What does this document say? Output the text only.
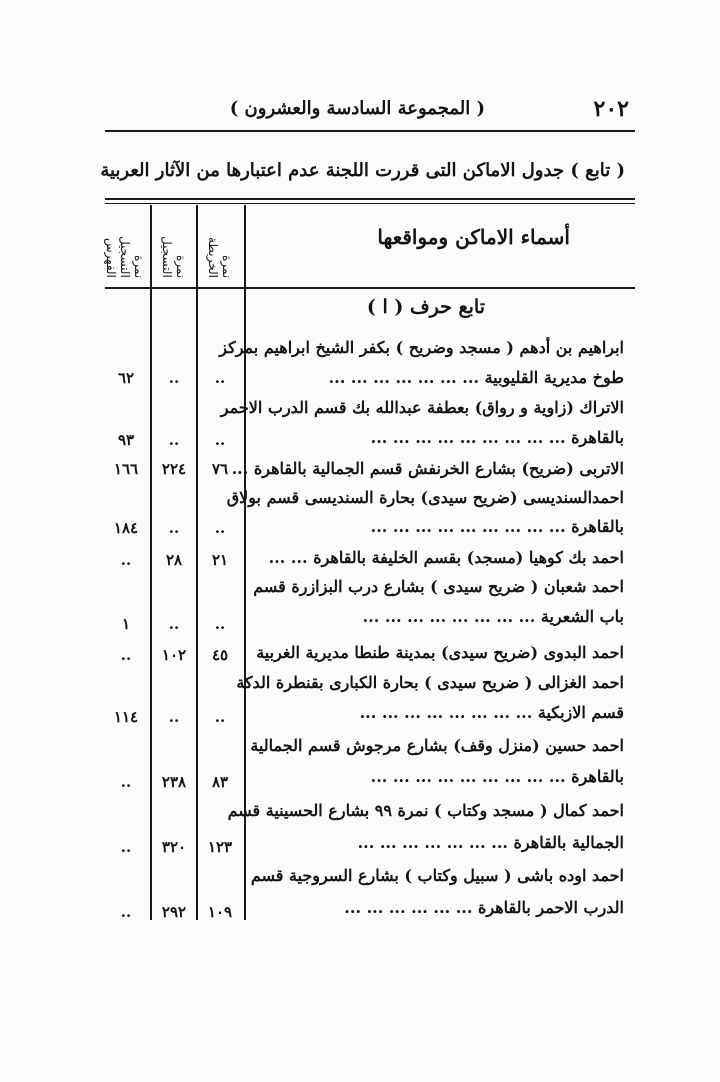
٢٠٢
( المجموعة السادسة والعشرون )
( تابع ) جدول الاماكن التى قررت اللجنة عدم اعتبارها من الآثار العربية
أسماء الاماكن ومواقعها
نمرة التسجيل الفهرس	نمرة التسجيل	نمرة الخريطة
تابع حرف ( ا )
ابراهيم بن أدهم ( مسجد وضريح ) بكفر الشيخ ابراهيم بمركز
طوخ مديرية القليوبية ... ... ... ... ... ... ...
..
..
٦٢
الاتراك (زاوية و رواق) بعطفة عبدالله بك قسم الدرب الاحمر
بالقاهرة ... ... ... ... ... ... ... ... ...
..
..
٩٣
الاتربى (ضريح) بشارع الخرنفش قسم الجمالية بالقاهرة ...
٧٦
٢٢٤
١٦٦
احمدالسنديسى (ضريح سيدى) بحارة السنديسى قسم بولاق
بالقاهرة ... ... ... ... ... ... ... ... ...
..
..
١٨٤
احمد بك كوهيا (مسجد) بقسم الخليفة بالقاهرة ... ...
٢١
٢٨
..
احمد شعبان ( ضريح سيدى ) بشارع درب البزازرة قسم
باب الشعرية ... ... ... ... ... ... ... ...
..
..
١
احمد البدوى (ضريح سيدى) بمدينة طنطا مديرية الغربية
٤٥
١٠٢
..
احمد الغزالى ( ضريح سيدى ) بحارة الكبارى بقنطرة الدكة
قسم الازبكية ... ... ... ... ... ... ... ...
..
..
١١٤
احمد حسين (منزل وقف) بشارع مرجوش قسم الجمالية
بالقاهرة ... ... ... ... ... ... ... ... ...
٨٣
٢٣٨
..
احمد كمال ( مسجد وكتاب ) نمرة ٩٩ بشارع الحسينية قسم
الجمالية بالقاهرة ... ... ... ... ... ... ...
١٢٣
٣٢٠
..
احمد اوده باشى ( سبيل وكتاب ) بشارع السروجية قسم
الدرب الاحمر بالقاهرة ... ... ... ... ... ...
١٠٩
٢٩٢
..
